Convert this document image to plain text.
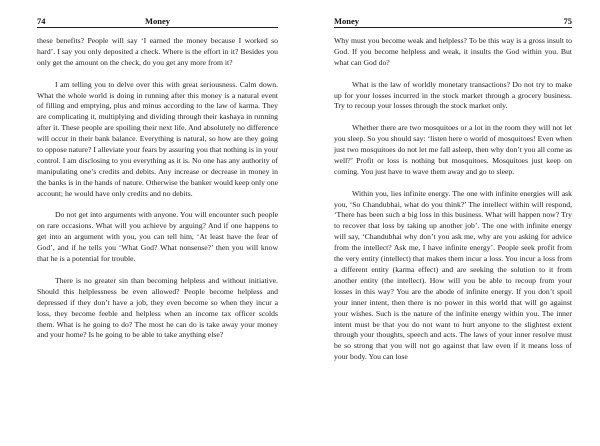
74	Money

these benefits? People will say ‘I earned the money because I worked so hard’. I say you only deposited a check. Where is the effort in it? Besides you only get the amount on the check, do you get any more from it?

I am telling you to delve over this with great seriousness. Calm down. What the whole world is doing in running after this money is a natural event of filling and emptying, plus and minus according to the law of karma. They are complicating it, multiplying and dividing through their kashaya in running after it. These people are spoiling their next life. And absolutely no difference will occur in their bank balance. Everything is natural, so how are they going to oppose nature? I alleviate your fears by assuring you that nothing is in your control. I am disclosing to you everything as it is. No one has any authority of manipulating one’s credits and debits. Any increase or decrease in money in the banks is in the hands of nature. Otherwise the banker would keep only one account; he would have only credits and no debits.

Do not get into arguments with anyone. You will encounter such people on rare occasions. What will you achieve by arguing? And if one happens to get into an argument with you, you can tell him, ‘At least have the fear of God’, and if he tells you ‘What God? What nonsense?’ then you will know that he is a potential for trouble.

There is no greater sin than becoming helpless and without initiative. Should this helplessness be even allowed? People become helpless and depressed if they don’t have a job, they even become so when they incur a loss, they become feeble and helpless when an income tax officer scolds them. What is he going to do? The most he can do is take away your money and your home? Is he going to be able to take anything else?

Money	75

Why must you become weak and helpless? To be this way is a gross insult to God. If you become helpless and weak, it insults the God within you. But what can God do?

What is the law of worldly monetary transactions? Do not try to make up for your losses incurred in the stock market through a grocery business. Try to recoup your losses through the stock market only.

Whether there are two mosquitoes or a lot in the room they will not let you sleep. So you should say: ‘listen here o world of mosquitoes! Even when just two mosquitoes do not let me fall asleep, then why don’t you all come as well?’ Profit or loss is nothing but mosquitoes. Mosquitoes just keep on coming. You just have to wave them away and go to sleep.

Within you, lies infinite energy. The one with infinite energies will ask you, ‘So Chandubhai, what do you think?’ The intellect within will respond, ‘There has been such a big loss in this business. What will happen now? Try to recover that loss by taking up another job’. The one with infinite energy will say, ‘Chandubhai why don’t you ask me, why are you asking for advice from the intellect? Ask me, I have infinite energy’. People seek profit from the very entity (intellect) that makes them incur a loss. You incur a loss from a different entity (karma effect) and are seeking the solution to it from another entity (the intellect). How will you be able to recoup from your losses in this way? You are the abode of infinite energy. If you don’t spoil your inner intent, then there is no power in this world that will go against your wishes. Such is the nature of the infinite energy within you. The inner intent must be that you do not want to hurt anyone to the slightest extent through your thoughts, speech and acts. The laws of your inner resolve must be so strong that you will not go against that law even if it means loss of your body. You can lose
